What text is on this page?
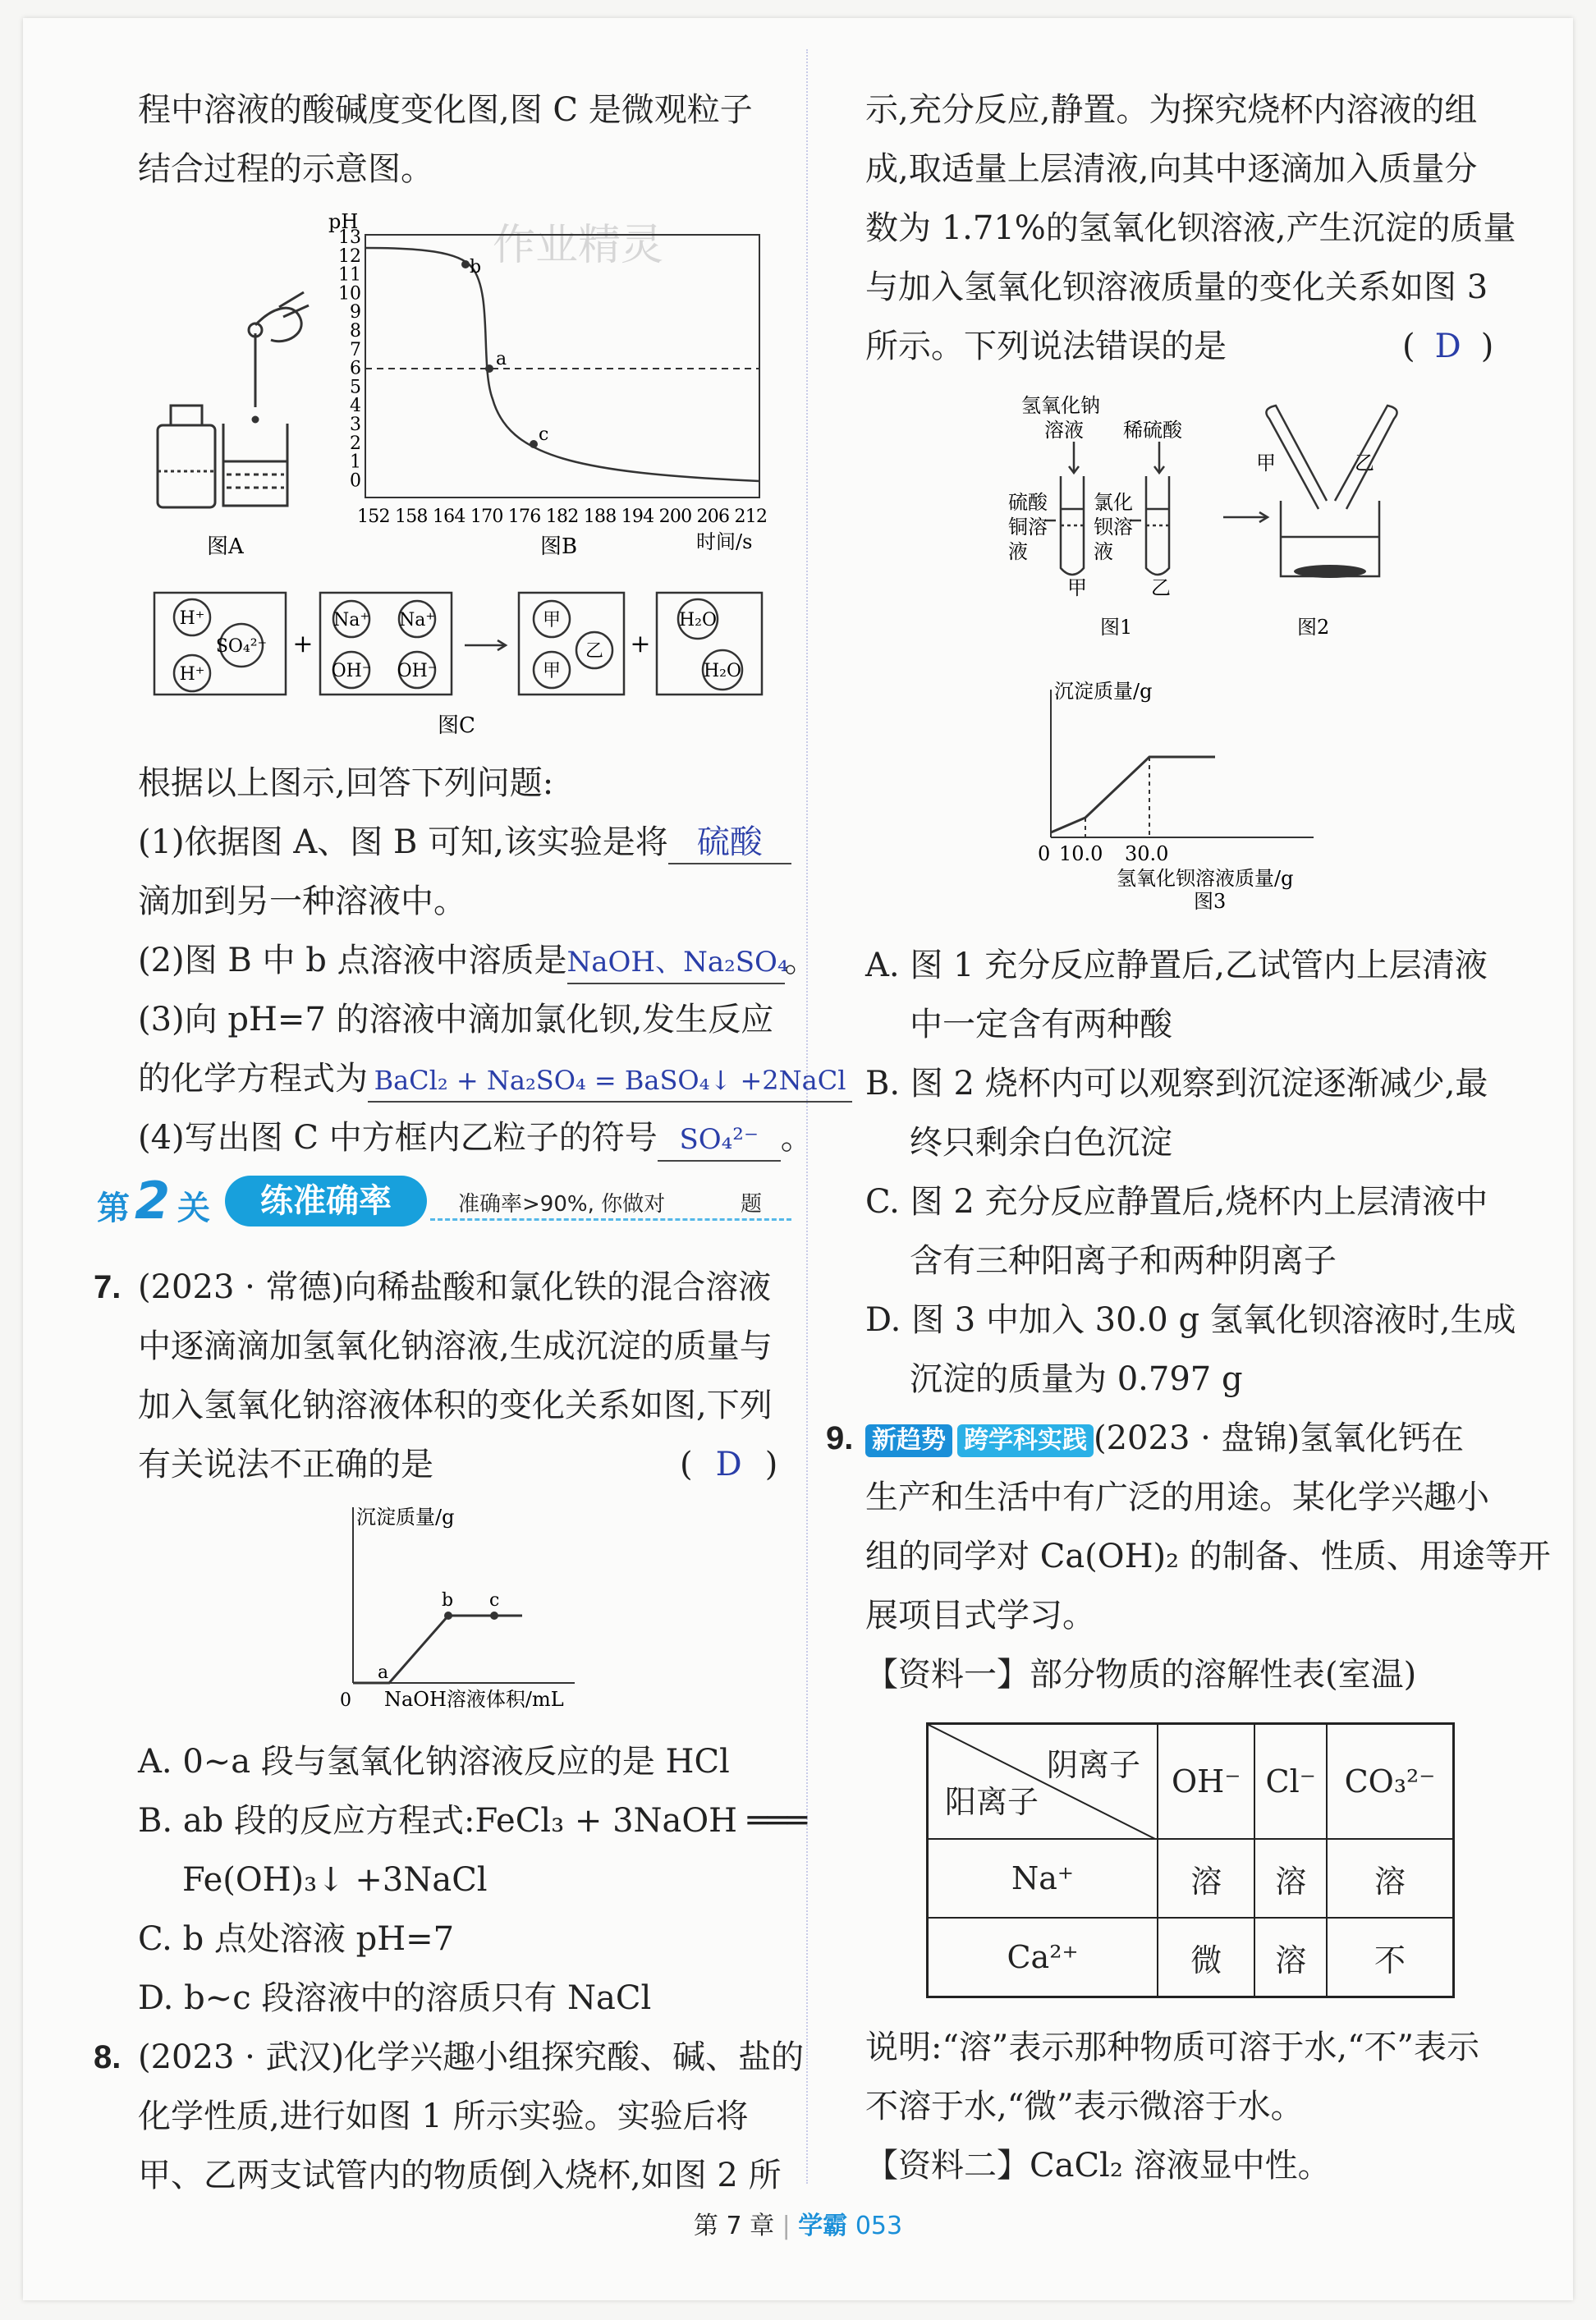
程中溶液的酸碱度变化图,图 C 是微观粒子
结合过程的示意图。
作业精灵
图A
pH
13
12
11
10
9
8
7
6
5
4
3
2
1
0
b
a
c
152 158 164 170 176 182 188 194 200 206 212
时间/s
图B
H⁺
SO₄²⁻
H⁺
+
Na⁺ Na⁺
OH⁻ OH⁻
甲
甲
乙 +
H₂O
H₂O
图C
根据以上图示,回答下列问题:
(1)依据图 A、图 B 可知,该实验是将 硫酸
滴加到另一种溶液中。
(2)图 B 中 b 点溶液中溶质是NaOH、Na₂SO₄。
(3)向 pH=7 的溶液中滴加氯化钡,发生反应
的化学方程式为 BaCl₂ + Na₂SO₄ = BaSO₄↓ +2NaCl
(4)写出图 C 中方框内乙粒子的符号 SO₄²⁻ 。
第 2 关	练准确率	准确率>90%, 你做对	题
7. (2023 · 常德)向稀盐酸和氯化铁的混合溶液
中逐滴滴加氢氧化钠溶液,生成沉淀的质量与
加入氢氧化钠溶液体积的变化关系如图,下列
有关说法不正确的是	( D )
沉淀质量/g
a
b c
0 NaOH溶液体积/mL
A. 0~a 段与氢氧化钠溶液反应的是 HCl
B. ab 段的反应方程式:FeCl₃ + 3NaOH ═══
Fe(OH)₃↓ +3NaCl
C. b 点处溶液 pH=7
D. b~c 段溶液中的溶质只有 NaCl
8. (2023 · 武汉)化学兴趣小组探究酸、碱、盐的
化学性质,进行如图 1 所示实验。实验后将
甲、乙两支试管内的物质倒入烧杯,如图 2 所
示,充分反应,静置。为探究烧杯内溶液的组
成,取适量上层清液,向其中逐滴加入质量分
数为 1.71%的氢氧化钡溶液,产生沉淀的质量
与加入氢氧化钡溶液质量的变化关系如图 3
所示。下列说法错误的是	( D )
氢氧化钠
溶液 稀硫酸
硫酸
铜溶
液
氯化
钡溶
液
甲	乙
图1
甲	乙
图2
沉淀质量/g
0 10.0 30.0
氢氧化钡溶液质量/g
图3
A. 图 1 充分反应静置后,乙试管内上层清液
中一定含有两种酸
B. 图 2 烧杯内可以观察到沉淀逐渐减少,最
终只剩余白色沉淀
C. 图 2 充分反应静置后,烧杯内上层清液中
含有三种阳离子和两种阴离子
D. 图 3 中加入 30.0 g 氢氧化钡溶液时,生成
沉淀的质量为 0.797 g
9. 新趋势 跨学科实践 (2023 · 盘锦)氢氧化钙在
生产和生活中有广泛的用途。某化学兴趣小
组的同学对 Ca(OH)₂ 的制备、性质、用途等开
展项目式学习。
【资料一】部分物质的溶解性表(室温)
阴离子
阳离子	OH⁻	Cl⁻	CO₃²⁻
Na⁺	溶	溶	溶
Ca²⁺	微	溶	不
说明:“溶”表示那种物质可溶于水,“不”表示
不溶于水,“微”表示微溶于水。
【资料二】CaCl₂ 溶液显中性。
第 7 章 | 学霸 053
